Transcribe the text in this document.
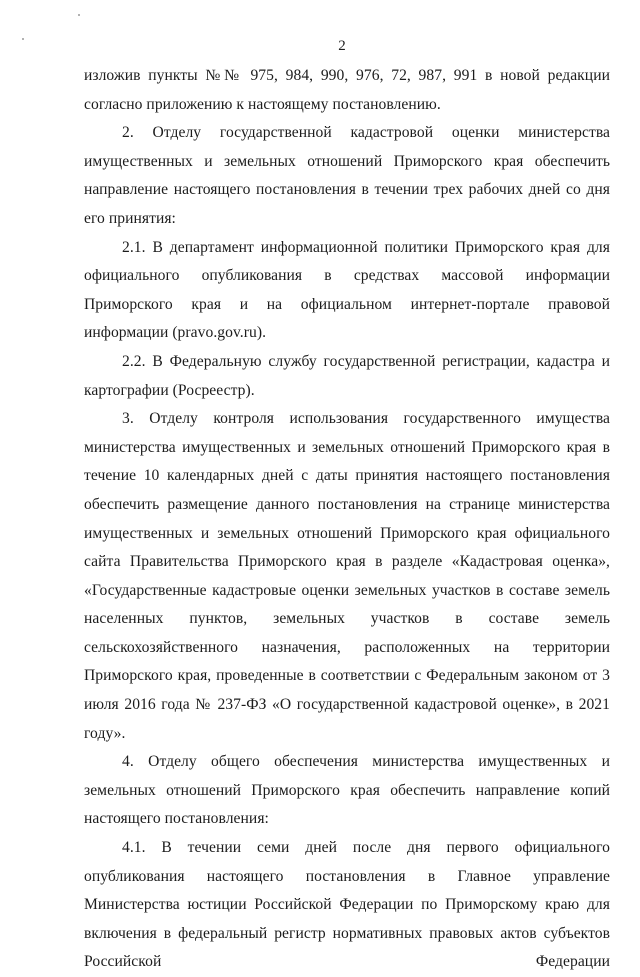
2

изложив пункты №№ 975, 984, 990, 976, 72, 987, 991 в новой редакции согласно приложению к настоящему постановлению.

2. Отделу государственной кадастровой оценки министерства имущественных и земельных отношений Приморского края обеспечить направление настоящего постановления в течении трех рабочих дней со дня его принятия:

2.1. В департамент информационной политики Приморского края для официального опубликования в средствах массовой информации Приморского края и на официальном интернет-портале правовой информации (pravo.gov.ru).

2.2. В Федеральную службу государственной регистрации, кадастра и картографии (Росреестр).

3. Отделу контроля использования государственного имущества министерства имущественных и земельных отношений Приморского края в течение 10 календарных дней с даты принятия настоящего постановления обеспечить размещение данного постановления на странице министерства имущественных и земельных отношений Приморского края официального сайта Правительства Приморского края в разделе «Кадастровая оценка», «Государственные кадастровые оценки земельных участков в составе земель населенных пунктов, земельных участков в составе земель сельскохозяйственного назначения, расположенных на территории Приморского края, проведенные в соответствии с Федеральным законом от 3 июля 2016 года № 237-ФЗ «О государственной кадастровой оценке», в 2021 году».

4. Отделу общего обеспечения министерства имущественных и земельных отношений Приморского края обеспечить направление копий настоящего постановления:

4.1. В течении семи дней после дня первого официального опубликования настоящего постановления в Главное управление Министерства юстиции Российской Федерации по Приморскому краю для включения в федеральный регистр нормативных правовых актов субъектов Российской Федерации
